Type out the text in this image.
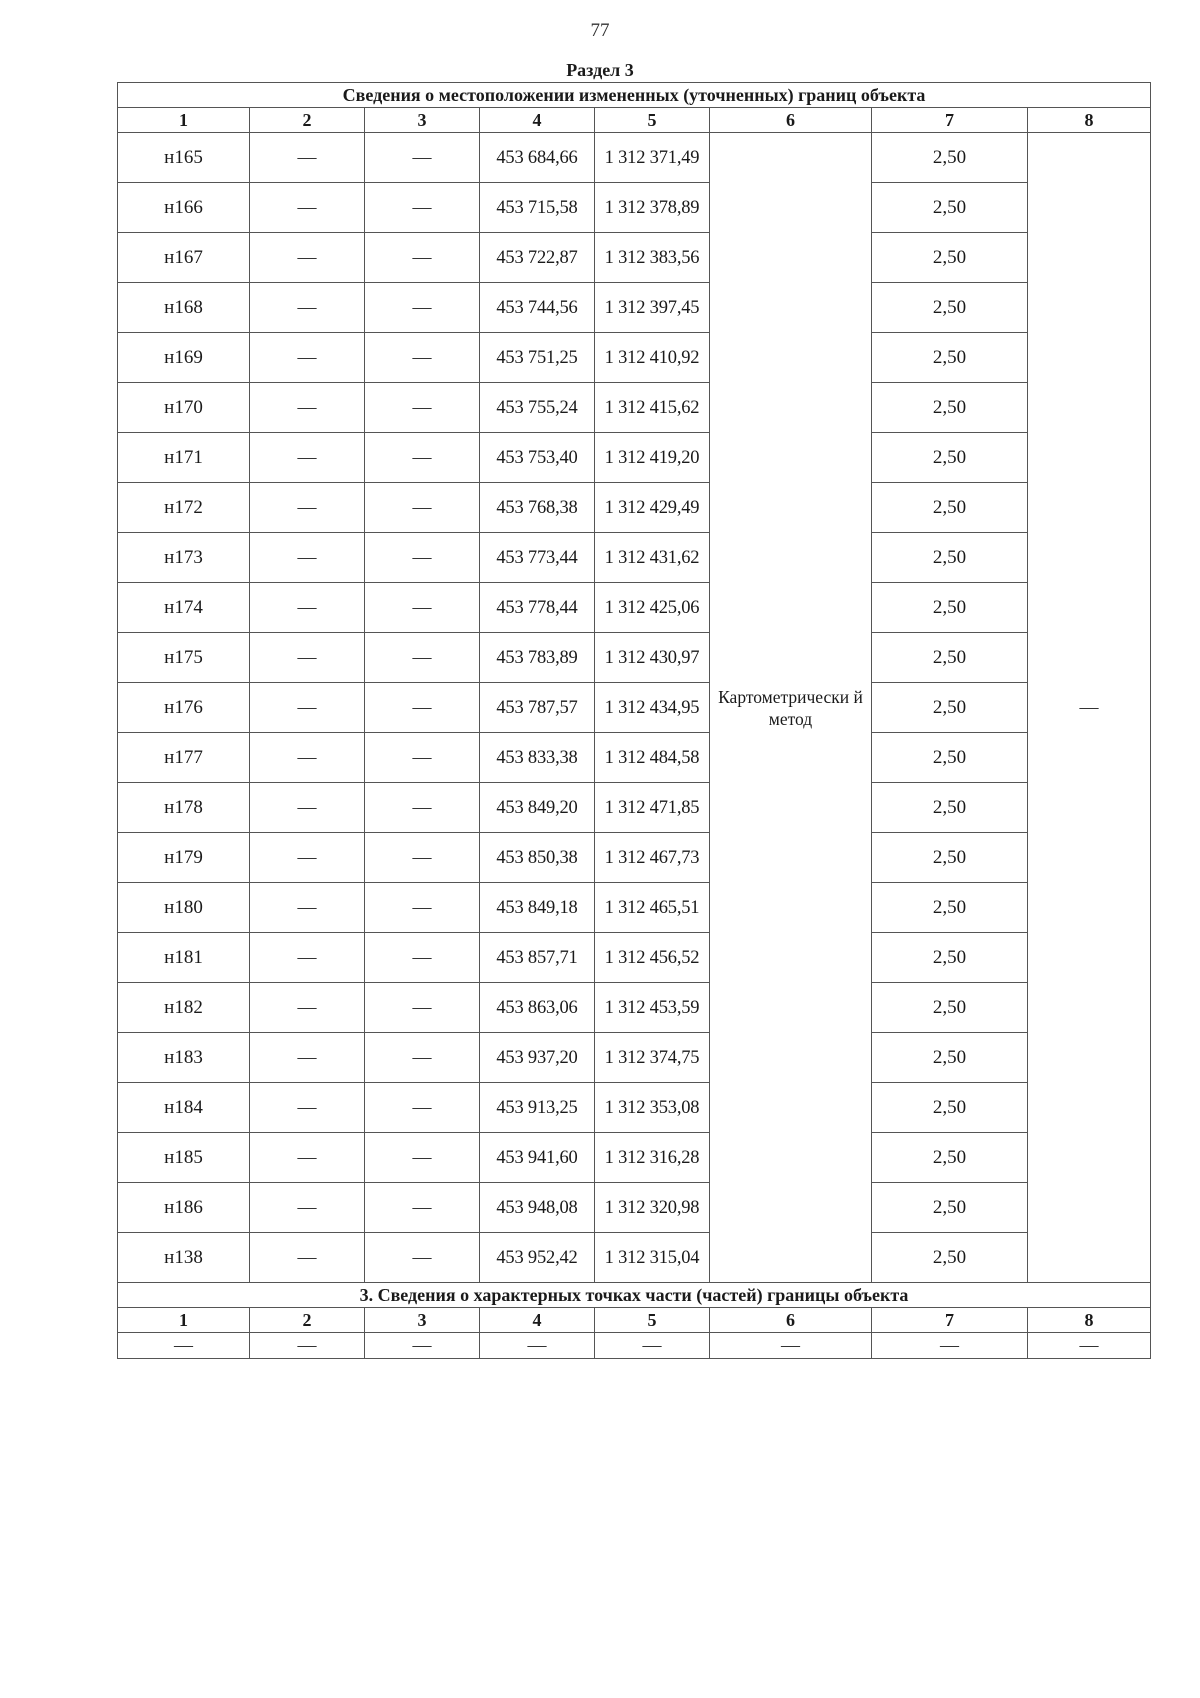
77
Раздел 3
Сведения о местоположении измененных (уточненных) границ объекта							
1	2	3	4	5	6	7	8
н165	—	—	453 684,66	1 312 371,49	Картометрически й метод	2,50	—
н166	—	—	453 715,58	1 312 378,89		2,50	
н167	—	—	453 722,87	1 312 383,56		2,50	
н168	—	—	453 744,56	1 312 397,45		2,50	
н169	—	—	453 751,25	1 312 410,92		2,50	
н170	—	—	453 755,24	1 312 415,62		2,50	
н171	—	—	453 753,40	1 312 419,20		2,50	
н172	—	—	453 768,38	1 312 429,49		2,50	
н173	—	—	453 773,44	1 312 431,62		2,50	
н174	—	—	453 778,44	1 312 425,06		2,50	
н175	—	—	453 783,89	1 312 430,97		2,50	
н176	—	—	453 787,57	1 312 434,95		2,50	
н177	—	—	453 833,38	1 312 484,58		2,50	
н178	—	—	453 849,20	1 312 471,85		2,50	
н179	—	—	453 850,38	1 312 467,73		2,50	
н180	—	—	453 849,18	1 312 465,51		2,50	
н181	—	—	453 857,71	1 312 456,52		2,50	
н182	—	—	453 863,06	1 312 453,59		2,50	
н183	—	—	453 937,20	1 312 374,75		2,50	
н184	—	—	453 913,25	1 312 353,08		2,50	
н185	—	—	453 941,60	1 312 316,28		2,50	
н186	—	—	453 948,08	1 312 320,98		2,50	
н138	—	—	453 952,42	1 312 315,04		2,50	
3. Сведения о характерных точках части (частей) границы объекта							
1	2	3	4	5	6	7	8
—	—	—	—	—	—	—	—
